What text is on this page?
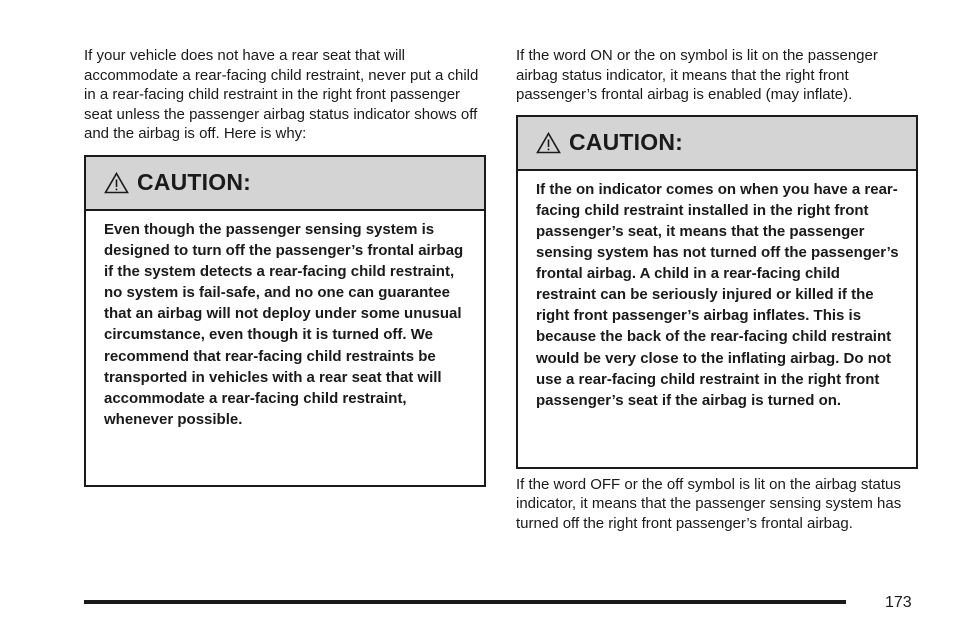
If your vehicle does not have a rear seat that will accommodate a rear-facing child restraint, never put a child in a rear-facing child restraint in the right front passenger seat unless the passenger airbag status indicator shows off and the airbag is off. Here is why:

CAUTION:
Even though the passenger sensing system is designed to turn off the passenger’s frontal airbag if the system detects a rear-facing child restraint, no system is fail-safe, and no one can guarantee that an airbag will not deploy under some unusual circumstance, even though it is turned off. We recommend that rear-facing child restraints be transported in vehicles with a rear seat that will accommodate a rear-facing child restraint, whenever possible.

If the word ON or the on symbol is lit on the passenger airbag status indicator, it means that the right front passenger’s frontal airbag is enabled (may inflate).

CAUTION:
If the on indicator comes on when you have a rear-facing child restraint installed in the right front passenger’s seat, it means that the passenger sensing system has not turned off the passenger’s frontal airbag. A child in a rear-facing child restraint can be seriously injured or killed if the right front passenger’s airbag inflates. This is because the back of the rear-facing child restraint would be very close to the inflating airbag. Do not use a rear-facing child restraint in the right front passenger’s seat if the airbag is turned on.

If the word OFF or the off symbol is lit on the airbag status indicator, it means that the passenger sensing system has turned off the right front passenger’s frontal airbag.

173
